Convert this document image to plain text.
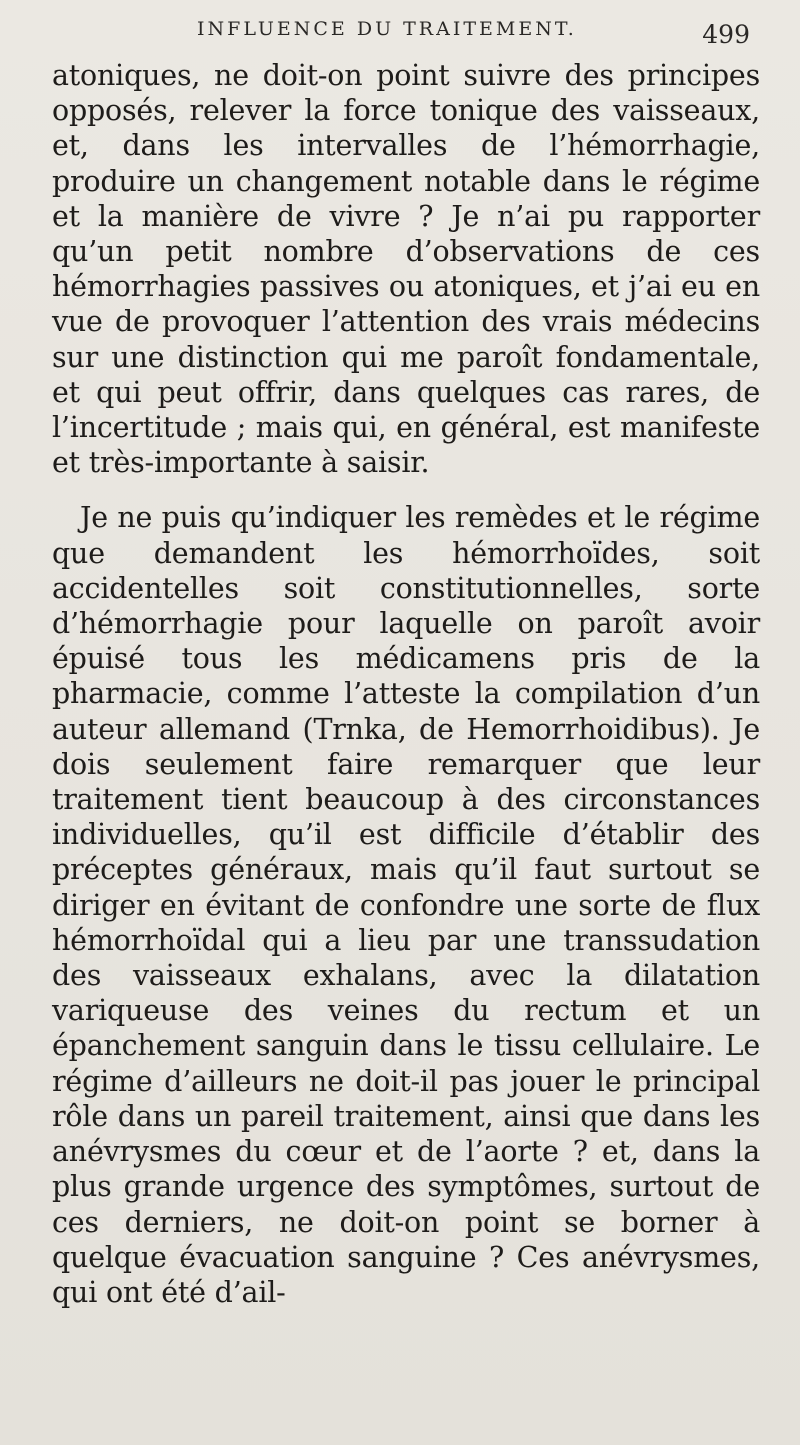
INFLUENCE DU TRAITEMENT.	499

atoniques, ne doit-on point suivre des principes opposés, relever la force tonique des vaisseaux, et, dans les intervalles de l’hémorrhagie, produire un changement notable dans le régime et la manière de vivre ? Je n’ai pu rapporter qu’un petit nombre d’observations de ces hémorrhagies passives ou atoniques, et j’ai eu en vue de provoquer l’attention des vrais médecins sur une distinction qui me paroît fondamentale, et qui peut offrir, dans quelques cas rares, de l’incertitude ; mais qui, en général, est manifeste et très-importante à saisir.

Je ne puis qu’indiquer les remèdes et le régime que demandent les hémorrhoïdes, soit accidentelles soit constitutionnelles, sorte d’hémorrhagie pour laquelle on paroît avoir épuisé tous les médicamens pris de la pharmacie, comme l’atteste la compilation d’un auteur allemand (Trnka, de Hemorrhoidibus). Je dois seulement faire remarquer que leur traitement tient beaucoup à des circonstances individuelles, qu’il est difficile d’établir des préceptes généraux, mais qu’il faut surtout se diriger en évitant de confondre une sorte de flux hémorrhoïdal qui a lieu par une transsudation des vaisseaux exhalans, avec la dilatation variqueuse des veines du rectum et un épanchement sanguin dans le tissu cellulaire. Le régime d’ailleurs ne doit-il pas jouer le principal rôle dans un pareil traitement, ainsi que dans les anévrysmes du cœur et de l’aorte ? et, dans la plus grande urgence des symptômes, surtout de ces derniers, ne doit-on point se borner à quelque évacuation sanguine ? Ces anévrysmes, qui ont été d’ail-
